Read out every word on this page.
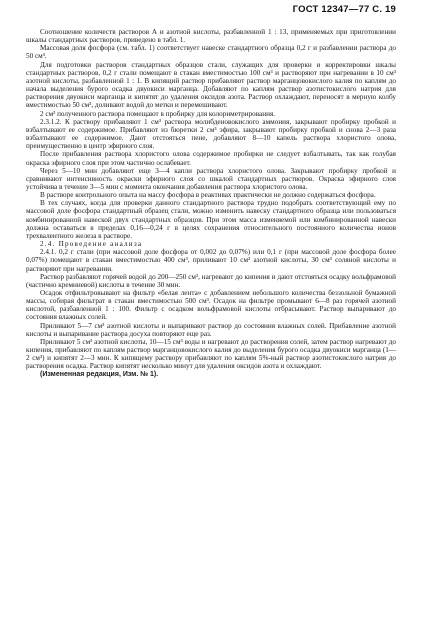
ГОСТ 12347—77 С. 19

Соотношение количеств растворов А и азотной кислоты, разбавленной 1 : 13, применяемых при приготовлении шкалы стандартных растворов, приведено в табл. 1.

Массовая доля фосфора (см. табл. 1) соответствует навеске стандартного образца 0,2 г и разбавлении раствора до 50 см³.

Для подготовки растворов стандартных образцов стали, служащих для проверки и корректировки шкалы стандартных растворов, 0,2 г стали помещают в стакан вместимостью 100 см³ и растворяют при нагревании в 10 см³ азотной кислоты, разбавленной 1 : 1. В кипящий раствор прибавляют раствор марганцовокислого калия по каплям до начала выделения бурого осадка двуокиси марганца. Добавляют по каплям раствор азотистокислого натрия для растворения двуокиси марганца и кипятят до удаления оксидов азота. Раствор охлаждают, переносят в мерную колбу вместимостью 50 см³, доливают водой до метки и перемешивают.

2 см³ полученного раствора помещают в пробирку для колориметрирования.

2.3.1.2. К раствору прибавляют 1 см³ раствора молибденовокислого аммония, закрывают пробирку пробкой и взбалтывают ее содержимое. Прибавляют из бюретки 2 см³ эфира, закрывают пробирку пробкой и снова 2—3 раза взбалтывают ее содержимое. Дают отстояться пене, добавляют 8—10 капель раствора хлористого олова, преимущественно в центр эфирного слоя.

После прибавления раствора хлористого олова содержимое пробирки не следует взбалтывать, так как голубая окраска эфирного слоя при этом частично ослабевает.

Через 5—10 мин добавляют еще 3—4 капли раствора хлористого олова. Закрывают пробирку пробкой и сравнивают интенсивность окраски эфирного слоя со шкалой стандартных растворов. Окраска эфирного слоя устойчива в течение 3—5 мин с момента окончания добавления раствора хлористого олова.

В растворе контрольного опыта на массу фосфора в реактивах практически не должно содержаться фосфора.

В тех случаях, когда для проверки данного стандартного раствора трудно подобрать соответствующий ему по массовой доле фосфора стандартный образец стали, можно изменить навеску стандартного образца или пользоваться комбинированной навеской двух стандартных образцов. При этом масса изменяемой или комбинированной навески должна оставаться в пределах 0,16—0,24 г в целях сохранения относительного постоянного количества ионов трехвалентного железа в растворе.

2.4. Проведение анализа

2.4.1. 0,2 г стали (при массовой доле фосфора от 0,002 до 0,07%) или 0,1 г (при массовой доле фосфора более 0,07%) помещают в стакан вместимостью 400 см³, приливают 10 см³ азотной кислоты, 30 см³ соляной кислоты и растворяют при нагревании.

Раствор разбавляют горячей водой до 200—250 см³, нагревают до кипения и дают отстояться осадку вольфрамовой (частично кремниевой) кислоты в течение 30 мин.

Осадок отфильтровывают на фильтр «белая лента» с добавлением небольшого количества беззольной бумажной массы, собирая фильтрат в стакан вместимостью 500 см³. Осадок на фильтре промывают 6—8 раз горячей азотной кислотой, разбавленной 1 : 100. Фильтр с осадком вольфрамовой кислоты отбрасывают. Раствор выпаривают до состояния влажных солей.

Приливают 5—7 см³ азотной кислоты и выпаривают раствор до состояния влажных солей. Прибавление азотной кислоты и выпаривание раствора досуха повторяют еще раз.

Приливают 5 см³ азотной кислоты, 10—15 см³ воды и нагревают до растворения солей, затем раствор нагревают до кипения, прибавляют по каплям раствор марганцовокислого калия до выделения бурого осадка двуокиси марганца (1—2 см³) и кипятят 2—3 мин. К кипящему раствору прибавляют по каплям 5%-ный раствор азотистокислого натрия до растворения осадка. Раствор кипятят несколько минут для удаления оксидов азота и охлаждают.

(Измененная редакция, Изм. № 1).
